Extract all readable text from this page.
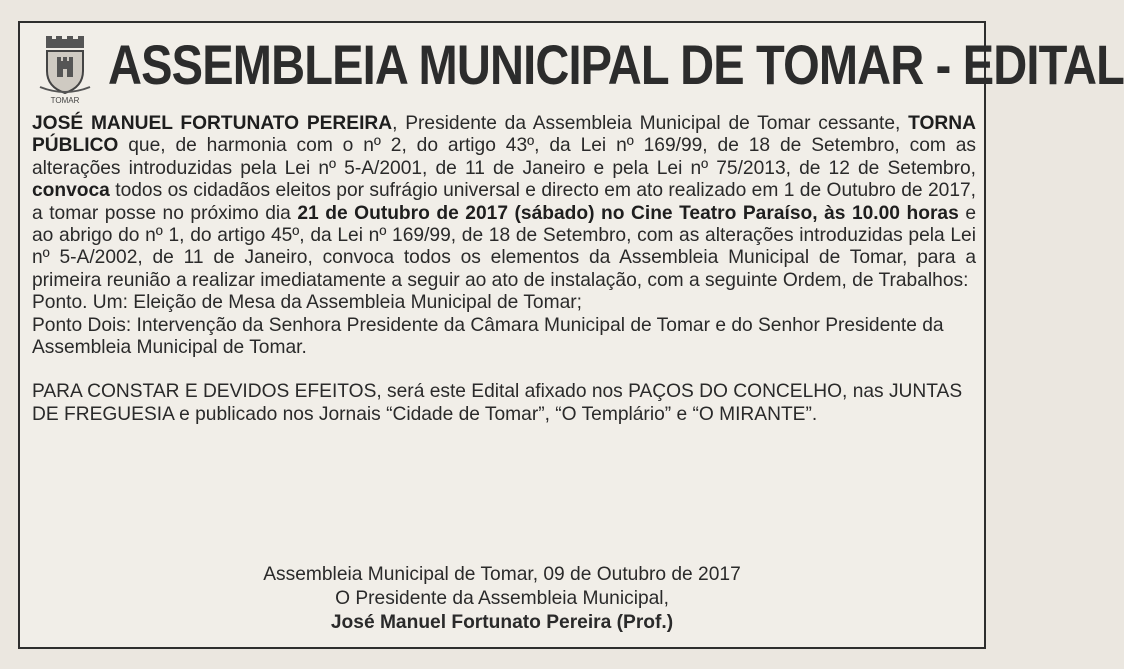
TOMAR
ASSEMBLEIA MUNICIPAL DE TOMAR - EDITAL

JOSÉ MANUEL FORTUNATO PEREIRA, Presidente da Assembleia Municipal de Tomar cessante, TORNA PÚBLICO que, de harmonia com o nº 2, do artigo 43º, da Lei nº 169/99, de 18 de Setembro, com as alterações introduzidas pela Lei nº 5-A/2001, de 11 de Janeiro e pela Lei nº 75/2013, de 12 de Setembro, convoca todos os cidadãos eleitos por sufrágio universal e directo em ato realizado em 1 de Outubro de 2017, a tomar posse no próximo dia 21 de Outubro de 2017 (sábado) no Cine Teatro Paraíso, às 10.00 horas e ao abrigo do nº 1, do artigo 45º, da Lei nº 169/99, de 18 de Setembro, com as alterações introduzidas pela Lei nº 5-A/2002, de 11 de Janeiro, convoca todos os elementos da Assembleia Municipal de Tomar, para a primeira reunião a realizar imediatamente a seguir ao ato de instalação, com a seguinte Ordem, de Trabalhos:

Ponto. Um: Eleição de Mesa da Assembleia Municipal de Tomar;

Ponto Dois: Intervenção da Senhora Presidente da Câmara Municipal de Tomar e do Senhor Presidente da Assembleia Municipal de Tomar.

PARA CONSTAR E DEVIDOS EFEITOS, será este Edital afixado nos PAÇOS DO CONCELHO, nas JUNTAS DE FREGUESIA e publicado nos Jornais “Cidade de Tomar”, “O Templário” e “O MIRANTE”.

Assembleia Municipal de Tomar, 09 de Outubro de 2017
O Presidente da Assembleia Municipal,
José Manuel Fortunato Pereira (Prof.)
